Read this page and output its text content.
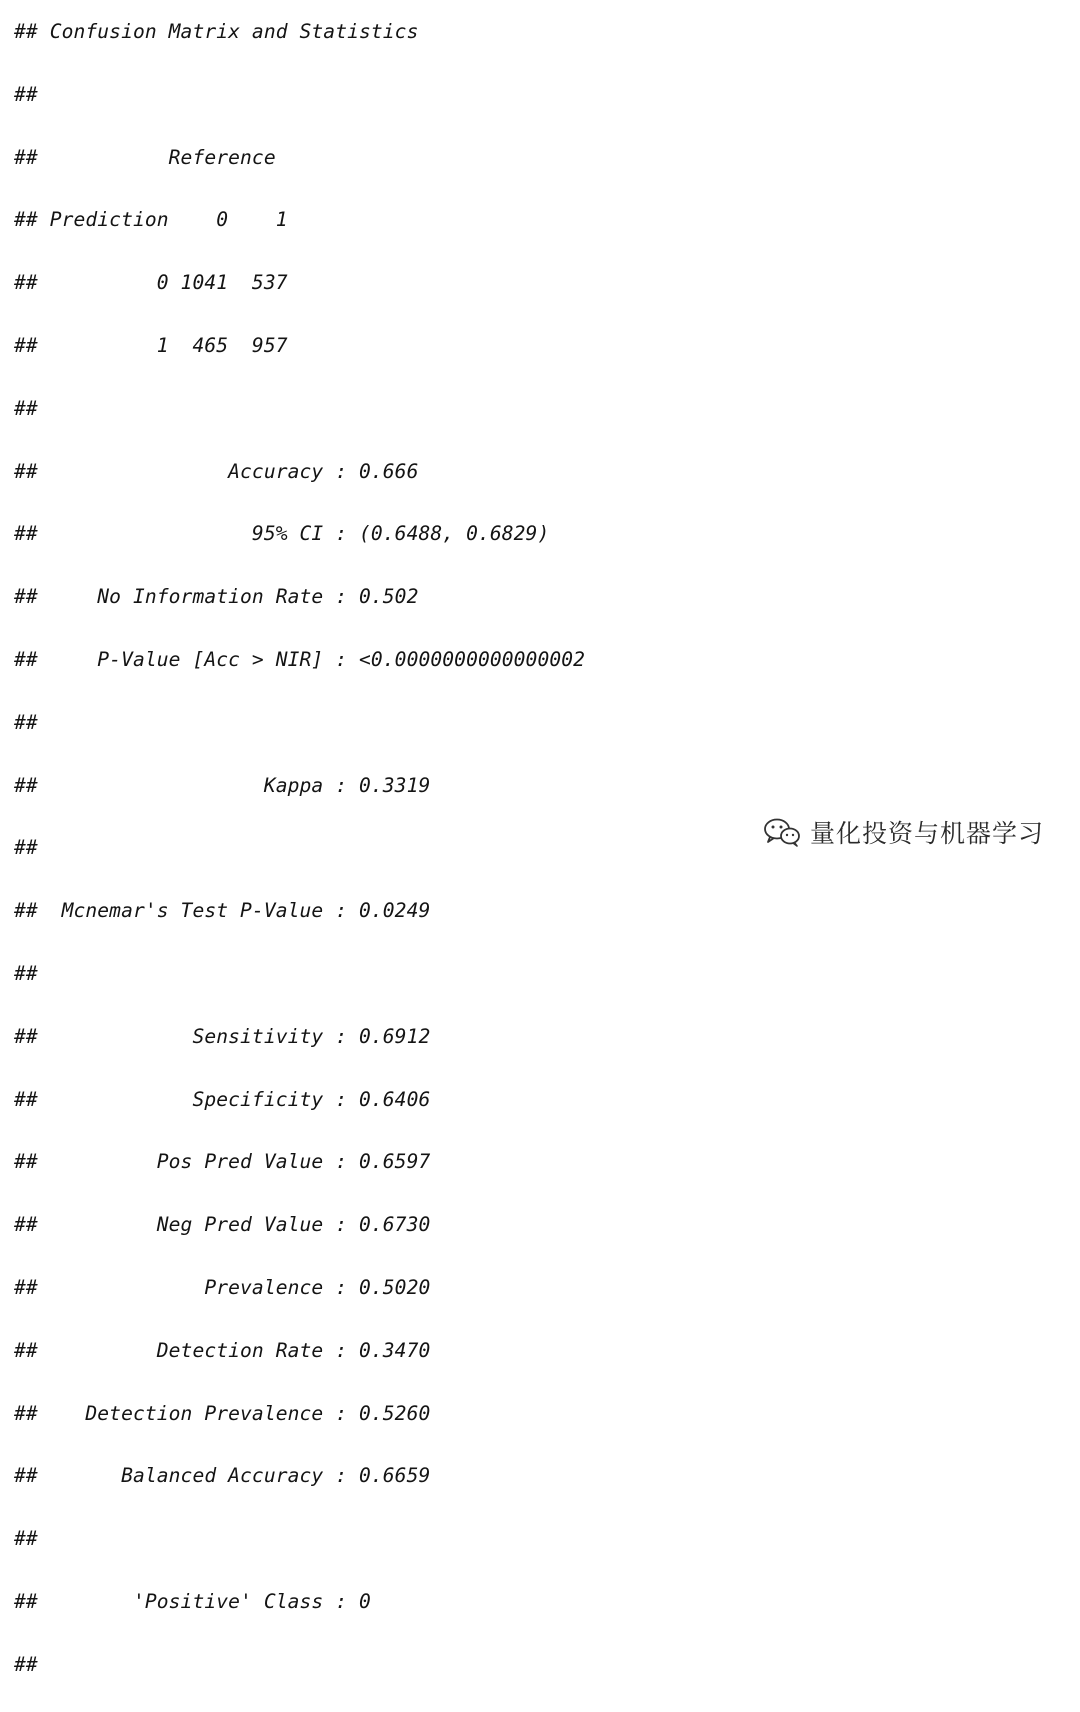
## Confusion Matrix and Statistics

##

##           Reference

## Prediction    0    1

##          0 1041  537

##          1  465  957

##

##                Accuracy : 0.666

##                  95% CI : (0.6488, 0.6829)

##     No Information Rate : 0.502

##     P-Value [Acc > NIR] : <0.0000000000000002

##

##                   Kappa : 0.3319

##

##  Mcnemar's Test P-Value : 0.0249

##

##             Sensitivity : 0.6912

##             Specificity : 0.6406

##          Pos Pred Value : 0.6597

##          Neg Pred Value : 0.6730

##              Prevalence : 0.5020

##          Detection Rate : 0.3470

##    Detection Prevalence : 0.5260

##       Balanced Accuracy : 0.6659

##

##        'Positive' Class : 0

##

量化投资与机器学习
